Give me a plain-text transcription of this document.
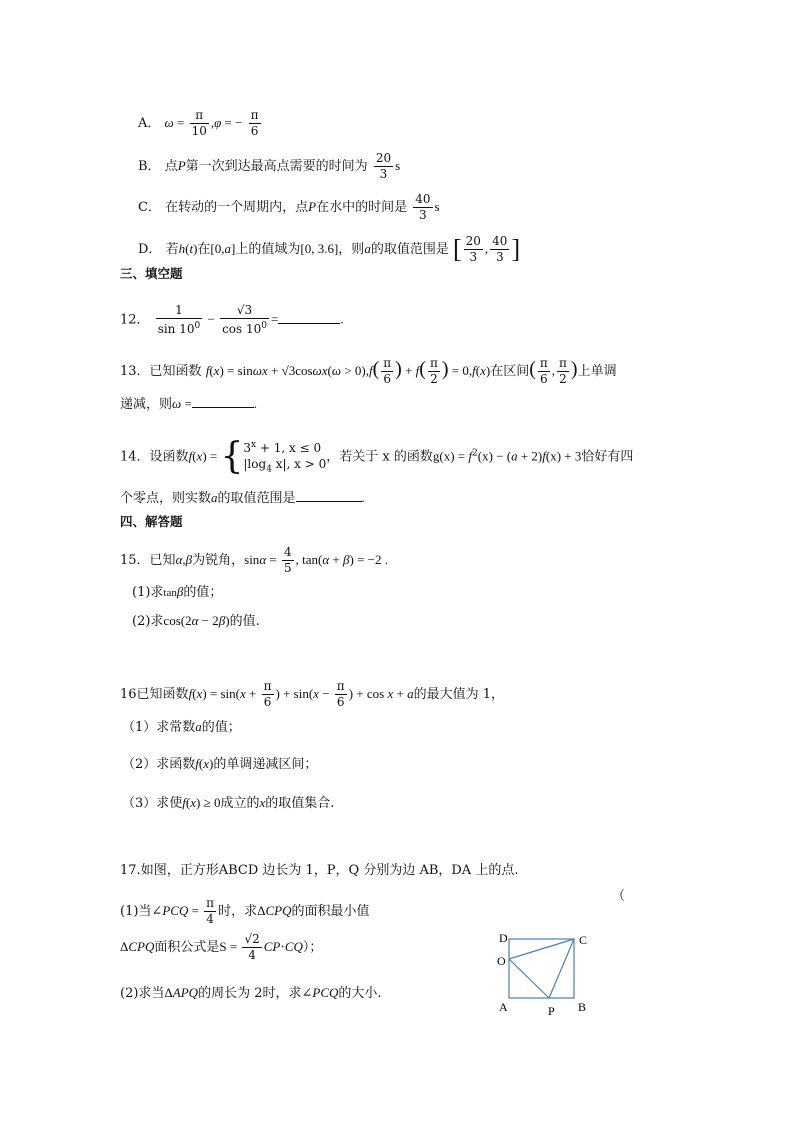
A． $\omega = \frac{\pi}{10} ,\varphi$ = − $\frac{\pi}{6}$
B． 点P第一次到达最高点需要的时间为 $\frac{20}{3}$ s
C． 在转动的一个周期内，点P在水中的时间是 $\frac{40}{3}$ s
D． 若h(t)在[0,a]上的值域为[0, 3.6]，则a的取值范围是 [ $\frac{20}{3}$ , $\frac{40}{3}$ ]
三、填空题
12． $\frac{1}{\sin 10^0} - \frac{√3}{\cos 10^0}$ =	.
13．已知函数 $f(x) = \sin\omega x + √3\cos\omega x(\omega > 0),f( \frac{\pi}{6}$ ) + $f( \frac{\pi}{2}$ ) = 0,f(x)在区间( $\frac{\pi}{6}$ , $\frac{\pi}{2}$ )上单调
递减，则ω =	.
14．设函数f(x) = { $3^x + 1$, x ≤ 0
$|\log_4$ x|, x > 0 ，若关于 x 的函数$g(x) = f^2(x) - (a + 2)f(x) + 3$恰好有四
个零点，则实数a的取值范围是	.
四、解答题
15．已知α,β为锐角，$\sin\alpha = \frac{4}{5}$ , tan(α + β) = −2 .
(1)求tanβ的值；
(2)求cos(2α − 2β)的值.
16已知函数$f(x) = \sin(x + \frac{\pi}{6}$ ) + $\sin(x - \frac{\pi}{6}$ ) + cos x + a的最大值为 1，
（1）求常数a的值；
（2）求函数f(x)的单调递减区间；
（3）求使f(x) ≥ 0成立的x的取值集合.
17.如图，正方形ABCD 边长为 1，P，Q 分别为边 AB，DA 上的点.
（
(1)当∠PCQ = $\frac{\pi}{4}$ 时，求ΔCPQ的面积最小值
ΔCPQ面积公式是$S = \frac{√2}{4} CP\cdot CQ$）；
(2)求当ΔAPQ的周长为 2时，求∠PCQ的大小.
D	C
O
A	B
P
